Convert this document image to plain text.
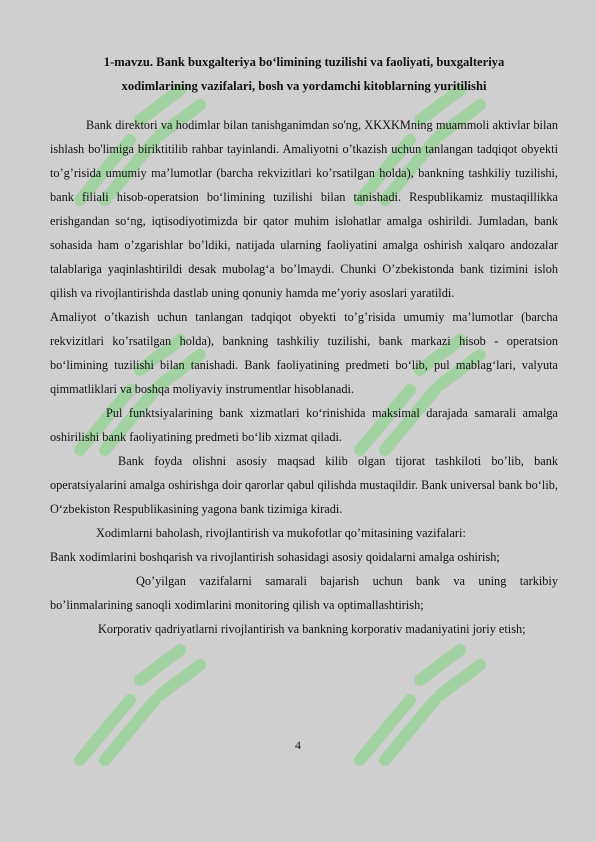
1-mavzu. Bank buxgalteriya bo‘limining tuzilishi va faoliyati, buxgalteriya
xodimlarining vazifalari, bosh va yordamchi kitoblarning yuritilishi

Bank direktori va hodimlar bilan tanishganimdan so'ng, XKXKMning muammoli aktivlar bilan ishlash bo'limiga biriktitilib rahbar tayinlandi. Amaliyotni o’tkazish uchun tanlangan tadqiqot obyekti to’g’risida umumiy ma’lumotlar (barcha rekvizitlari ko’rsatilgan holda), bankning tashkiliy tuzilishi, bank filiali hisob-operatsion bo‘limining tuzilishi bilan tanishadi. Respublikamiz mustaqillikka erishgandan so‘ng, iqtisodiyotimizda bir qator muhim islohatlar amalga oshirildi. Jumladan, bank sohasida ham o’zgarishlar bo’ldiki, natijada ularning faoliyatini amalga oshirish xalqaro andozalar talablariga yaqinlashtirildi desak mubolag‘a bo’lmaydi. Chunki O’zbekistonda bank tizimini isloh qilish va rivojlantirishda dastlab uning qonuniy hamda me’yoriy asoslari yaratildi.

Amaliyot o’tkazish uchun tanlangan tadqiqot obyekti to’g’risida umumiy ma’lumotlar (barcha rekvizitlari ko’rsatilgan holda), bankning tashkiliy tuzilishi, bank markazi hisob - operatsion bo‘limining tuzilishi bilan tanishadi. Bank faoliyatining predmeti bo‘lib, pul mablag‘lari, valyuta qimmatliklari va boshqa moliyaviy instrumentlar hisoblanadi.

Pul funktsiyalarining bank xizmatlari ko‘rinishida maksimal darajada samarali amalga oshirilishi bank faoliyatining predmeti bo‘lib xizmat qiladi.

Bank foyda olishni asosiy maqsad kilib olgan tijorat tashkiloti bo’lib, bank operatsiyalarini amalga oshirishga doir qarorlar qabul qilishda mustaqildir. Bank universal bank bo‘lib, O‘zbekiston Respublikasining yagona bank tizimiga kiradi.

Xodimlarni baholash, rivojlantirish va mukofotlar qo’mitasining vazifalari:

Bank xodimlarini boshqarish va rivojlantirish sohasidagi asosiy qoidalarni amalga oshirish;

Qo’yilgan vazifalarni samarali bajarish uchun bank va uning tarkibiy bo’linmalarining sanoqli xodimlarini monitoring qilish va optimallashtirish;

Korporativ qadriyatlarni rivojlantirish va bankning korporativ madaniyatini joriy etish;

4
